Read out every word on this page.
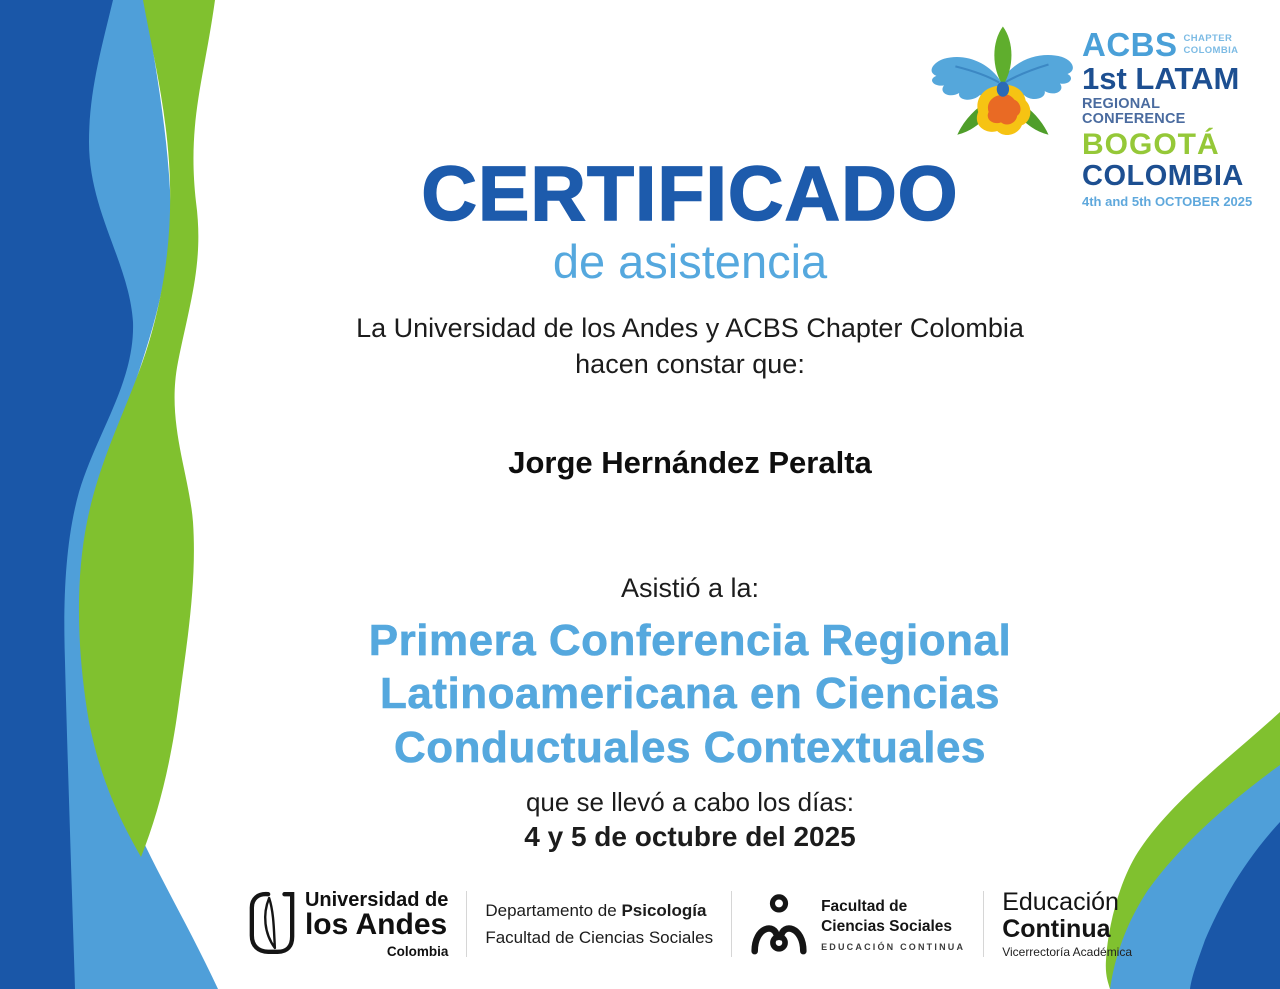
ACBS CHAPTER
COLOMBIA
1st LATAM
REGIONAL CONFERENCE
BOGOTÁ
COLOMBIA
4th and 5th OCTOBER 2025
CERTIFICADO
de asistencia
La Universidad de los Andes y ACBS Chapter Colombia
hacen constar que:
Jorge Hernández Peralta
Asistió a la:
Primera Conferencia Regional
Latinoamericana en Ciencias
Conductuales Contextuales
que se llevó a cabo los días:
4 y 5 de octubre del 2025
Universidad de
los Andes
Colombia
Departamento de Psicología
Facultad de Ciencias Sociales
Facultad de
Ciencias Sociales
EDUCACIÓN CONTINUA
Educación
Continua
Vicerrectoría Académica
